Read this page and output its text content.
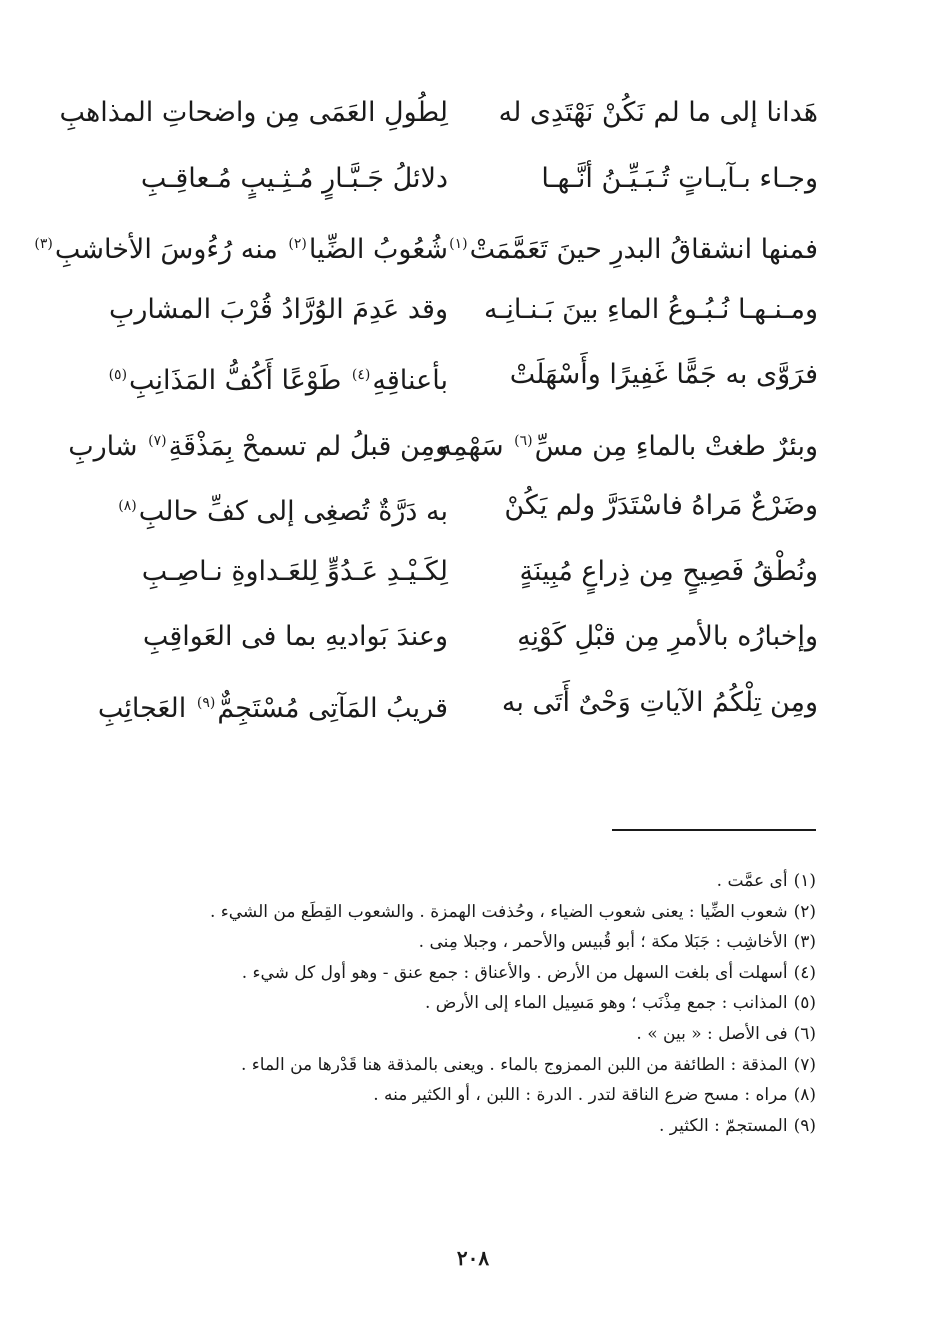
هَدانا إلى ما لم نَكُنْ نَهْتَدِى له
لِطُولِ العَمَى مِن واضحاتِ المذاهبِ
وجـاء بـآيـاتٍ تُـبَـيِّـنُ أنَّـهـا
دلائلُ جَـبَّـارٍ مُـثِـيبٍ مُـعاقِـبِ
فمنها انشقاقُ البدرِ حينَ تَعَمَّمَتْ$^{(١)}$
شُعُوبُ الضِّيا$^{(٢)}$ منه رُءُوسَ الأخاشبِ$^{(٣)}$
ومـنـهـا نُـبُـوعُ الماءِ بينَ بَـنـانِـه
وقد عَدِمَ الوُرَّادُ قُرْبَ المشاربِ
فرَوَّى به جَمًّا غَفِيرًا وأَسْهَلَتْ
بأعناقِهِ$^{(٤)}$ طَوْعًا أَكُفُّ المَذَانِبِ$^{(٥)}$
وبئرٌ طغتْ بالماءِ مِن مسِّ$^{(٦)}$ سَهْمِه
ومِن قبلُ لم تسمحْ بِمَذْقَةِ$^{(٧)}$ شاربِ
وضَرْعٌ مَراهُ فاسْتَدَرَّ ولم يَكُنْ
به دَرَّةٌ تُصغِى إلى كفِّ حالبِ$^{(٨)}$
ونُطْقُ فَصِيحٍ مِن ذِراعٍ مُبِينَةٍ
لِكَـيْـدِ عَـدُوٍّ لِلعَـداوةِ نـاصِـبِ
وإخبارُه بالأمرِ مِن قبْلِ كَوْنِهِ
وعندَ بَواديهِ بما فى العَواقِبِ
ومِن تِلْكُمُ الآياتِ وَحْىٌ أَتَى به
قريبُ المَآتِى مُسْتَجِمٌّ$^{(٩)}$ العَجائِبِ
(١)أى عمَّت .
(٢)شعوب الضِّيا : يعنى شعوب الضياء ، وحُذفت الهمزة . والشعوب القِطَع من الشيء .
(٣)الأخاشِب : جَبَلا مكة ؛ أبو قُبيس والأحمر ، وجبلا مِنى .
(٤)أسهلت أى بلغت السهل من الأرض . والأعناق : جمع عنق - وهو أول كل شيء .
(٥)المذانب : جمع مِذْنَب ؛ وهو مَسِيل الماء إلى الأرض .
(٦)فى الأصل : « بين » .
(٧)المذقة : الطائفة من اللبن الممزوج بالماء . ويعنى بالمذقة هنا قَدْرها من الماء .
(٨)مراه : مسح ضرع الناقة لتدر . الدرة : اللبن ، أو الكثير منه .
(٩)المستجمّ : الكثير .
٢٠٨
